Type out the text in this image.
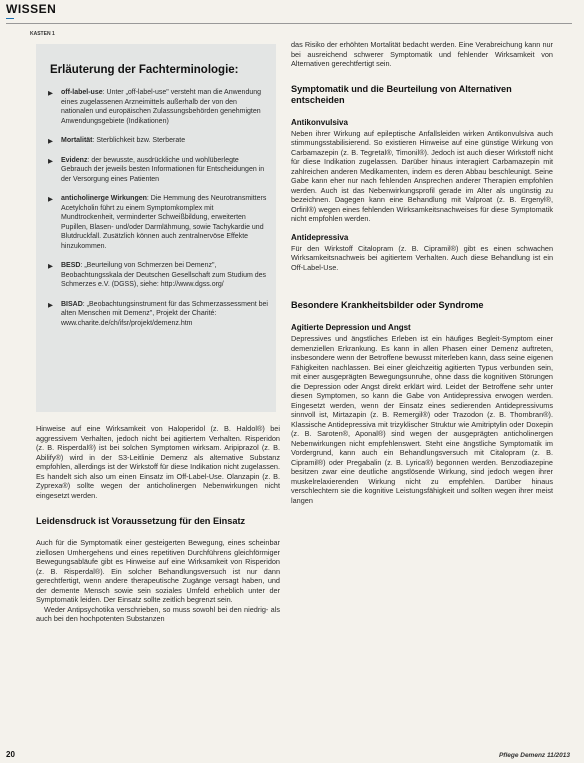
WISSEN
KASTEN 1
Erläuterung der Fachterminologie:
▶ off-label-use: Unter „off-label-use" versteht man die Anwendung eines zugelassenen Arzneimittels außerhalb der von den nationalen und europäischen Zulassungsbehörden genehmigten Anwendungsgebiete (Indikationen)
▶ Mortalität: Sterblichkeit bzw. Sterberate
▶ Evidenz: der bewusste, ausdrückliche und wohlüberlegte Gebrauch der jeweils besten Informationen für Entscheidungen in der Versorgung eines Patienten
▶ anticholinerge Wirkungen: Die Hemmung des Neurotransmitters Acetylcholin führt zu einem Symptomkomplex mit Mundtrockenheit, verminderter Schweißbildung, erweiterten Pupillen, Blasen- und/oder Darmlähmung, sowie Tachykardie und Blutdruckfall. Zusätzlich können auch zentralnervöse Effekte hinzukommen.
▶ BESD: „Beurteilung von Schmerzen bei Demenz", Beobachtungsskala der Deutschen Gesellschaft zum Studium des Schmerzes e.V. (DGSS), siehe: http://www.dgss.org/
▶ BISAD: „Beobachtungsinstrument für das Schmerzassessment bei alten Menschen mit Demenz", Projekt der Charité: www.charite.de/ch/ifsr/projekt/demenz.htm

Hinweise auf eine Wirksamkeit von Haloperidol (z. B. Haldol®) bei aggressivem Verhalten, jedoch nicht bei agitiertem Verhalten. Risperidon (z. B. Risperdal®) ist bei solchen Symptomen wirksam. Aripiprazol (z. B. Abilify®) wird in der S3-Leitlinie Demenz als alternative Substanz empfohlen, allerdings ist der Wirkstoff für diese Indikation nicht zugelassen. Es handelt sich also um einen Einsatz im Off-Label-Use. Olanzapin (z. B. Zyprexa®) sollte wegen der anticholinergen Nebenwirkungen nicht eingesetzt werden.

Leidensdruck ist Voraussetzung für den Einsatz

Auch für die Symptomatik einer gesteigerten Bewegung, eines scheinbar ziellosen Umhergehens und eines repetitiven Durchführens gleichförmiger Bewegungsabläufe gibt es Hinweise auf eine Wirksamkeit von Risperidon (z. B. Risperdal®). Ein solcher Behandlungsversuch ist nur dann gerechtfertigt, wenn andere therapeutische Zugänge versagt haben, und der demente Mensch sowie sein soziales Umfeld erheblich unter der Symptomatik leiden. Der Einsatz sollte zeitlich begrenzt sein.

Weder Antipsychotika verschrieben, so muss sowohl bei den niedrig- als auch bei den hochpotenten Substanzen

das Risiko der erhöhten Mortalität bedacht werden. Eine Verabreichung kann nur bei ausreichend schwerer Symptomatik und fehlender Wirksamkeit von Alternativen gerechtfertigt sein.

Symptomatik und die Beurteilung von Alternativen entscheiden
Antikonvulsiva

Neben ihrer Wirkung auf epileptische Anfallsleiden wirken Antikonvulsiva auch stimmungsstabilisierend. So existieren Hinweise auf eine günstige Wirkung von Carbamazepin (z. B. Tegretal®, Timonil®). Jedoch ist auch dieser Wirkstoff nicht für diese Indikation zugelassen. Darüber hinaus interagiert Carbamazepin mit zahlreichen anderen Medikamenten, indem es deren Abbau beschleunigt. Seine Gabe kann eher nur nach fehlenden Ansprechen anderer Therapien empfohlen werden. Auch ist das Nebenwirkungsprofil gerade im Alter als ungünstig zu bezeichnen. Dagegen kann eine Behandlung mit Valproat (z. B. Ergenyl®, Orfiril®) wegen eines fehlenden Wirksamkeitsnachweises für diese Symptomatik nicht empfohlen werden.

Antidepressiva

Für den Wirkstoff Citalopram (z. B. Cipramil®) gibt es einen schwachen Wirksamkeitsnachweis bei agitiertem Verhalten. Auch diese Behandlung ist ein Off-Label-Use.

Besondere Krankheitsbilder oder Syndrome
Agitierte Depression und Angst

Depressives und ängstliches Erleben ist ein häufiges Begleit-Symptom einer demenziellen Erkrankung. Es kann in allen Phasen einer Demenz auftreten, insbesondere wenn der Betroffene bewusst miterleben kann, dass seine eigenen Fähigkeiten nachlassen. Bei einer gleichzeitig agitierten Typus verbunden sein, mit einer ausgeprägten Bewegungsunruhe, ohne dass die kognitiven Störungen die Depression oder Angst direkt erklärt wird. Leidet der Betroffene sehr unter diesen Symptomen, so kann die Gabe von Antidepressiva erwogen werden. Eingesetzt werden, wenn der Einsatz eines sedierenden Antidepressivums sinnvoll ist, Mirtazapin (z. B. Remergil®) oder Trazodon (z. B. Thombran®). Klassische Antidepressiva mit trizyklischer Struktur wie Amitriptylin oder Doxepin (z. B. Saroten®, Aponal®) sind wegen der ausgeprägten anticholinergen Nebenwirkungen nicht empfehlenswert. Steht eine ängstliche Symptomatik im Vordergrund, kann auch ein Behandlungsversuch mit Citalopram (z. B. Cipramil®) oder Pregabalin (z. B. Lyrica®) begonnen werden. Benzodiazepine besitzen zwar eine deutliche angstlösende Wirkung, sind jedoch wegen ihrer muskelrelaxierenden Wirkung nicht zu empfehlen. Darüber hinaus verschlechtern sie die kognitive Leistungsfähigkeit und sollten wegen ihrer meist langen

20	Pflege Demenz 11/2013
